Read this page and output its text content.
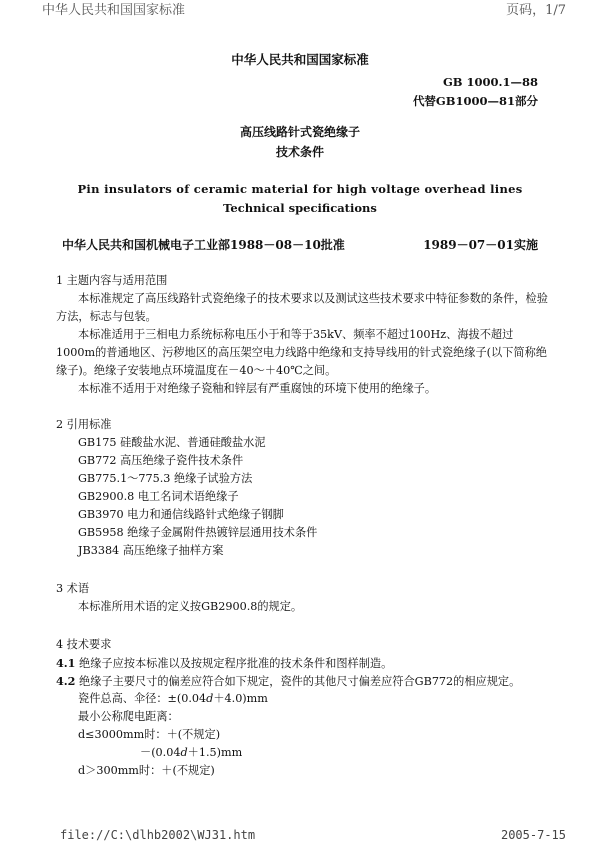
中华人民共和国国家标准	页码，1/7
中华人民共和国国家标准
GB 1000.1—88
代替GB1000—81部分
高压线路针式瓷绝缘子
技术条件
Pin insulators of ceramic material for high voltage overhead lines
Technical specifications
中华人民共和国机械电子工业部1988－08－10批准	1989－07－01实施
1 主题内容与适用范围
本标准规定了高压线路针式瓷绝缘子的技术要求以及测试这些技术要求中特征参数的条件，检验方法，标志与包装。
本标准适用于三相电力系统标称电压小于和等于35kV、频率不超过100Hz、海拔不超过1000m的普通地区、污秽地区的高压架空电力线路中绝缘和支持导线用的针式瓷绝缘子(以下简称绝缘子)。绝缘子安装地点环境温度在－40～＋40℃之间。
本标准不适用于对绝缘子瓷釉和锌层有严重腐蚀的环境下使用的绝缘子。
2 引用标准
GB175 硅酸盐水泥、普通硅酸盐水泥
GB772 高压绝缘子瓷件技术条件
GB775.1～775.3 绝缘子试验方法
GB2900.8 电工名词术语绝缘子
GB3970 电力和通信线路针式绝缘子钢脚
GB5958 绝缘子金属附件热镀锌层通用技术条件
JB3384 高压绝缘子抽样方案
3 术语
本标准所用术语的定义按GB2900.8的规定。
4 技术要求
4.1 绝缘子应按本标准以及按规定程序批准的技术条件和图样制造。
4.2 绝缘子主要尺寸的偏差应符合如下规定，瓷件的其他尺寸偏差应符合GB772的相应规定。
瓷件总高、伞径：±(0.04d＋4.0)mm
最小公称爬电距离：
d≤3000mm时：＋(不规定)
－(0.04d＋1.5)mm
d＞300mm时：＋(不规定)
file://C:\dlhb2002\WJ31.htm	2005-7-15
